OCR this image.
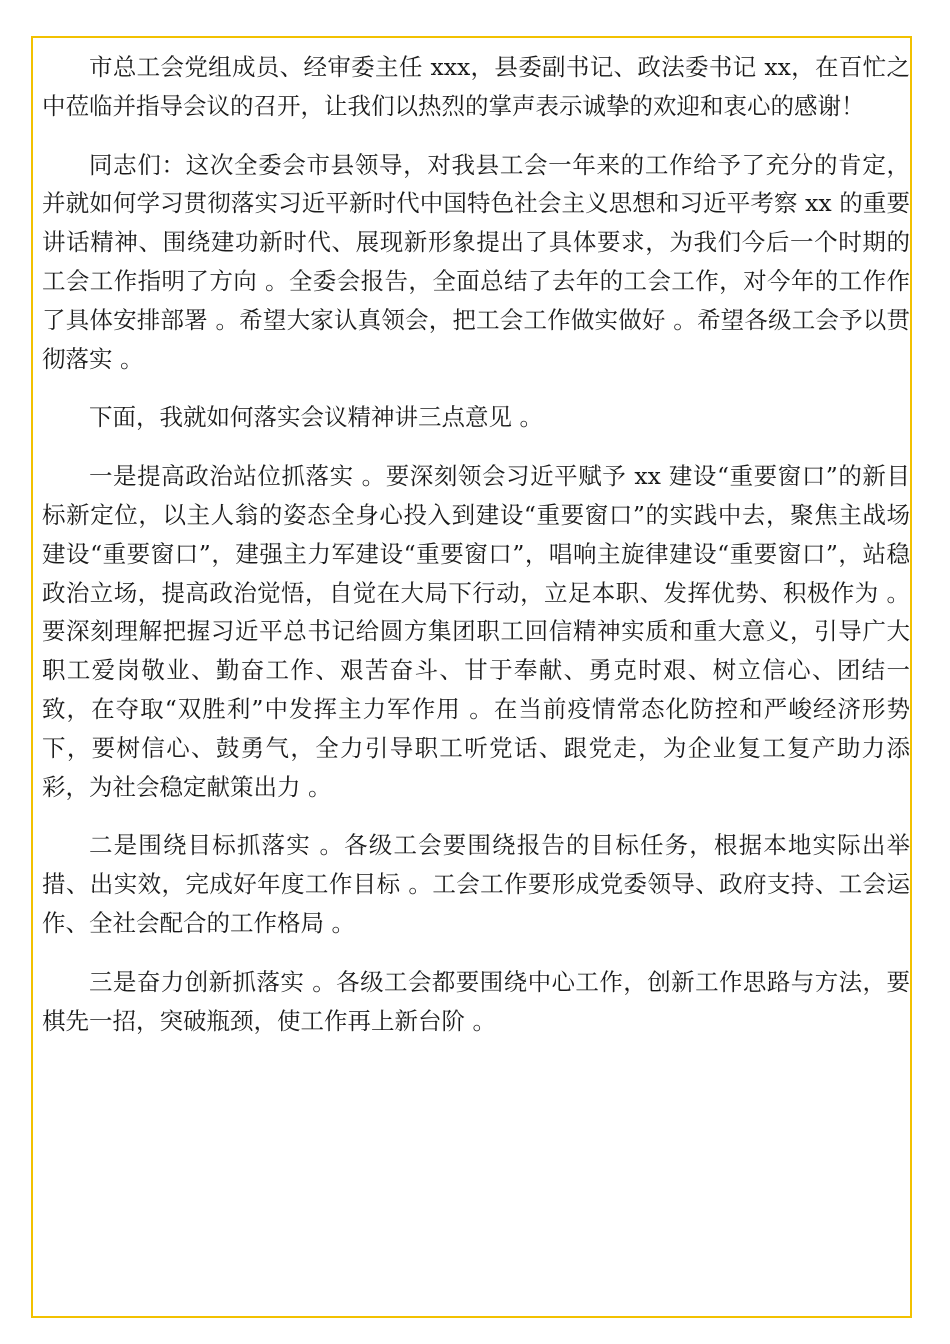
市总工会党组成员、经审委主任 xxx，县委副书记、政法委书记 xx，在百忙之中莅临并指导会议的召开，让我们以热烈的掌声表示诚挚的欢迎和衷心的感谢！

同志们：这次全委会市县领导，对我县工会一年来的工作给予了充分的肯定，并就如何学习贯彻落实习近平新时代中国特色社会主义思想和习近平考察 xx 的重要讲话精神、围绕建功新时代、展现新形象提出了具体要求，为我们今后一个时期的工会工作指明了方向 。全委会报告，全面总结了去年的工会工作，对今年的工作作了具体安排部署 。希望大家认真领会，把工会工作做实做好 。希望各级工会予以贯彻落实 。

下面，我就如何落实会议精神讲三点意见 。

一是提高政治站位抓落实 。要深刻领会习近平赋予 xx 建设“重要窗口”的新目标新定位，以主人翁的姿态全身心投入到建设“重要窗口”的实践中去，聚焦主战场建设“重要窗口”，建强主力军建设“重要窗口”，唱响主旋律建设“重要窗口”，站稳政治立场，提高政治觉悟，自觉在大局下行动，立足本职、发挥优势、积极作为 。要深刻理解把握习近平总书记给圆方集团职工回信精神实质和重大意义，引导广大职工爱岗敬业、勤奋工作、艰苦奋斗、甘于奉献、勇克时艰、树立信心、团结一致，在夺取“双胜利”中发挥主力军作用 。在当前疫情常态化防控和严峻经济形势下，要树信心、鼓勇气，全力引导职工听党话、跟党走，为企业复工复产助力添彩，为社会稳定献策出力 。

二是围绕目标抓落实 。各级工会要围绕报告的目标任务，根据本地实际出举措、出实效，完成好年度工作目标 。工会工作要形成党委领导、政府支持、工会运作、全社会配合的工作格局 。

三是奋力创新抓落实 。各级工会都要围绕中心工作，创新工作思路与方法，要棋先一招，突破瓶颈，使工作再上新台阶 。
